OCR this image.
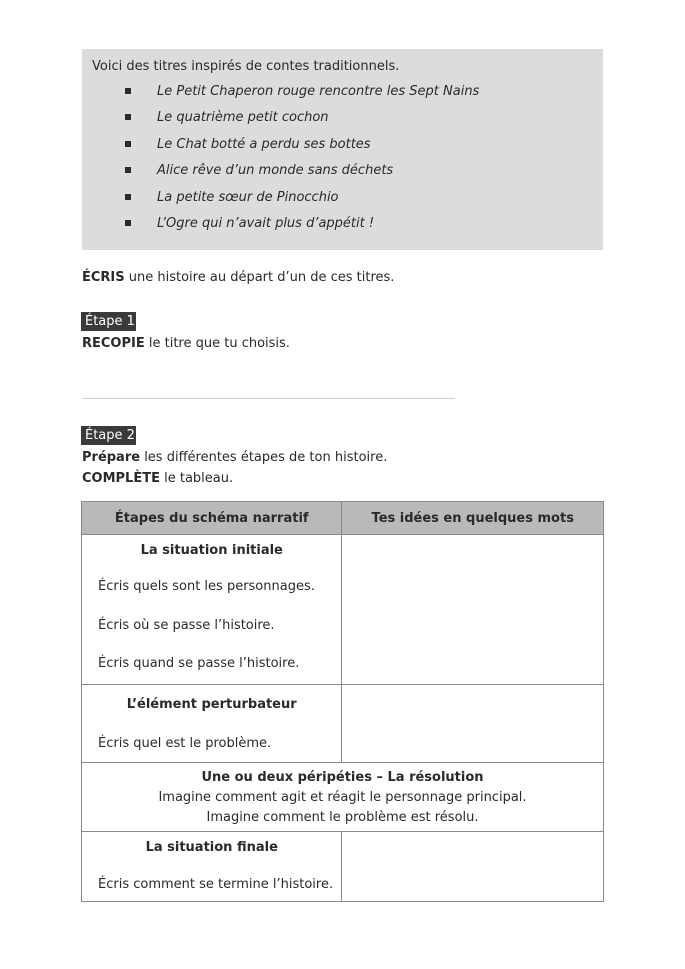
Voici des titres inspirés de contes traditionnels.
Le Petit Chaperon rouge rencontre les Sept Nains
Le quatrième petit cochon
Le Chat botté a perdu ses bottes
Alice rêve d’un monde sans déchets
La petite sœur de Pinocchio
L’Ogre qui n’avait plus d’appétit !
ÉCRIS une histoire au départ d’un de ces titres.
Étape 1
RECOPIE le titre que tu choisis.
Étape 2
Prépare les différentes étapes de ton histoire.
COMPLÈTE le tableau.
Étapes du schéma narratif	Tes idées en quelques mots

La situation initiale
Écris quels sont les personnages.
Écris où se passe l’histoire.
Écris quand se passe l’histoire.	

L’élément perturbateur
Écris quel est le problème.	

Une ou deux péripéties – La résolution
Imagine comment agit et réagit le personnage principal.
Imagine comment le problème est résolu.	

La situation finale
Écris comment se termine l’histoire.	
